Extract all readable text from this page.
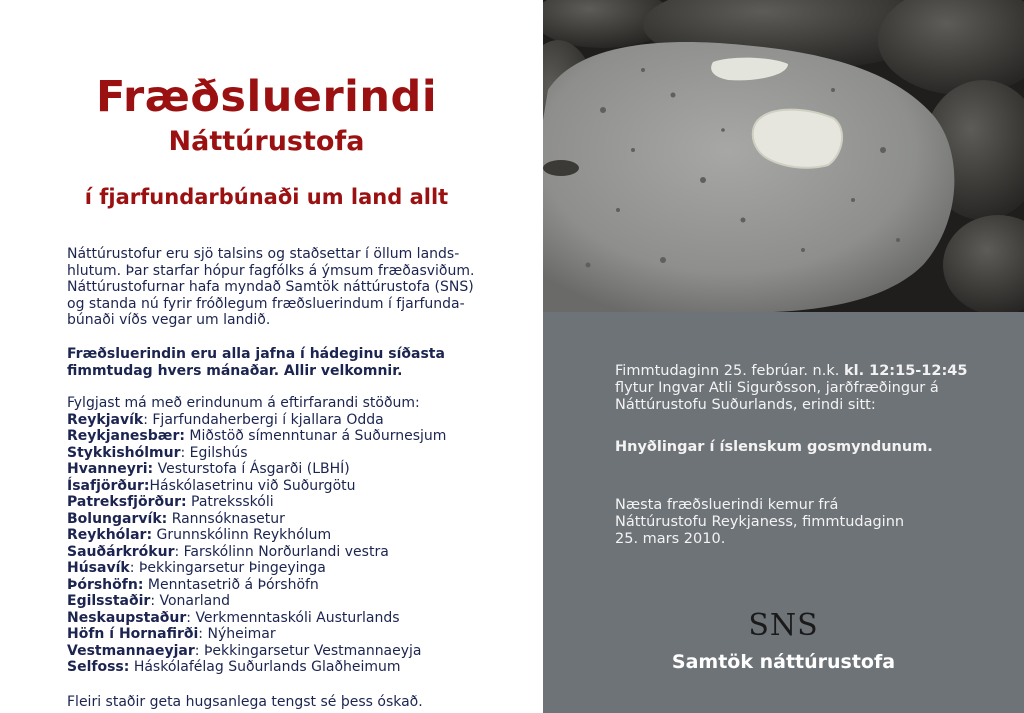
Fræðsluerindi
Náttúrustofa
í fjarfundarbúnaði um land allt
Náttúrustofur eru sjö talsins og staðsettar í öllum lands-
hlutum. Þar starfar hópur fagfólks á ýmsum fræðasviðum.
Náttúrustofurnar hafa myndað Samtök náttúrustofa (SNS)
og standa nú fyrir fróðlegum fræðsluerindum í fjarfunda-
búnaði víðs vegar um landið.
Fræðsluerindin eru alla jafna í hádeginu síðasta fimmtudag hvers mánaðar. Allir velkomnir.
Fylgjast má með erindunum á eftirfarandi stöðum:
Reykjavík: Fjarfundaherbergi í kjallara Odda
Reykjanesbær: Miðstöð símenntunar á Suðurnesjum
Stykkishólmur: Egilshús
Hvanneyri: Vesturstofa í Ásgarði (LBHÍ)
Ísafjörður:Háskólasetrinu við Suðurgötu
Patreksfjörður: Patreksskóli
Bolungarvík: Rannsóknasetur
Reykhólar: Grunnskólinn Reykhólum
Sauðárkrókur: Farskólinn Norðurlandi vestra
Húsavík: Þekkingarsetur Þingeyinga
Þórshöfn: Menntasetrið á Þórshöfn
Egilsstaðir: Vonarland
Neskaupstaður: Verkmenntaskóli Austurlands
Höfn í Hornafirði: Nýheimar
Vestmannaeyjar: Þekkingarsetur Vestmannaeyja
Selfoss: Háskólafélag Suðurlands Glaðheimum
Fleiri staðir geta hugsanlega tengst sé þess óskað.
Fimmtudaginn 25. febrúar. n.k. kl. 12:15-12:45
flytur Ingvar Atli Sigurðsson, jarðfræðingur á
Náttúrustofu Suðurlands, erindi sitt:
Hnyðlingar í íslenskum gosmyndunum.
Næsta fræðsluerindi kemur frá
Náttúrustofu Reykjaness, fimmtudaginn
25. mars 2010.
SNS
Samtök náttúrustofa
